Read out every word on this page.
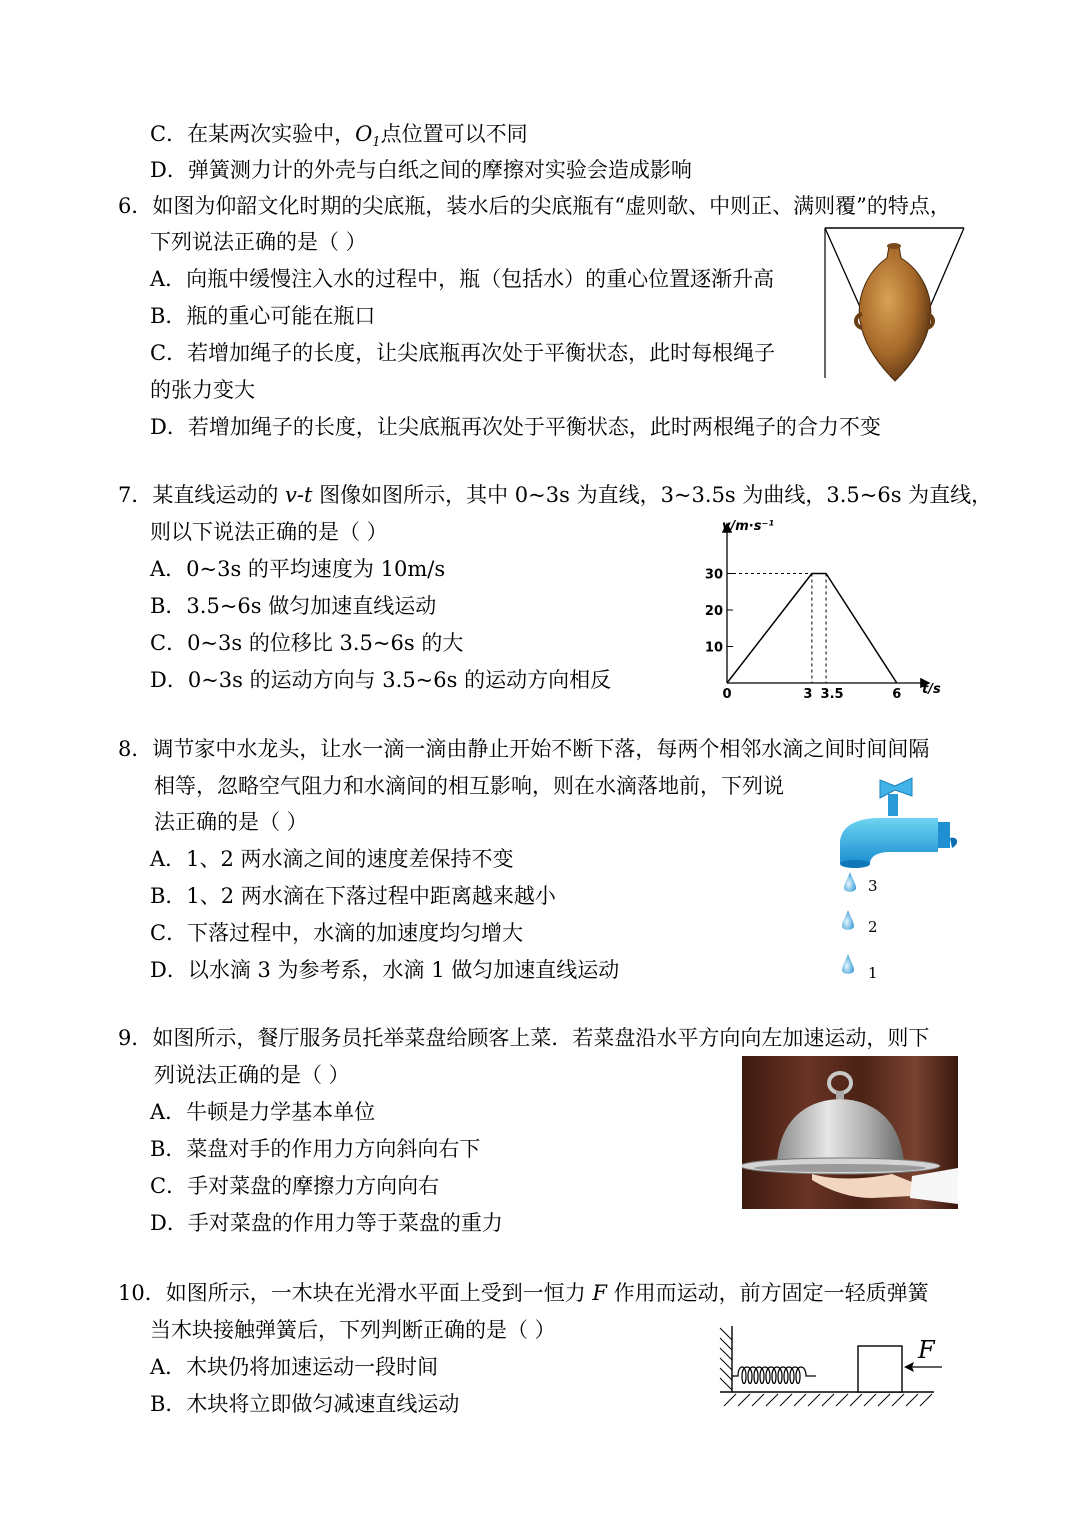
C．在某两次实验中，$O_1$点位置可以不同
D．弹簧测力计的外壳与白纸之间的摩擦对实验会造成影响
6．如图为仰韶文化时期的尖底瓶，装水后的尖底瓶有“虚则欹、中则正、满则覆”的特点，
下列说法正确的是（ ）
A．向瓶中缓慢注入水的过程中，瓶（包括水）的重心位置逐渐升高
B．瓶的重心可能在瓶口
C．若增加绳子的长度，让尖底瓶再次处于平衡状态，此时每根绳子
的张力变大
D．若增加绳子的长度，让尖底瓶再次处于平衡状态，此时两根绳子的合力不变
7．某直线运动的 v-t 图像如图所示，其中 0~3s 为直线，3~3.5s 为曲线，3.5~6s 为直线，
则以下说法正确的是（ ）
A．0~3s 的平均速度为 10m/s
B．3.5~6s 做匀加速直线运动
C．0~3s 的位移比 3.5~6s 的大
D．0~3s 的运动方向与 3.5~6s 的运动方向相反
v/m·s⁻¹
t/s
10
20
30
0	3 3.5	6
8．调节家中水龙头，让水一滴一滴由静止开始不断下落，每两个相邻水滴之间时间间隔
相等，忽略空气阻力和水滴间的相互影响，则在水滴落地前，下列说
法正确的是（ ）
A．1、2 两水滴之间的速度差保持不变
B．1、2 两水滴在下落过程中距离越来越小
C．下落过程中，水滴的加速度均匀增大
D．以水滴 3 为参考系，水滴 1 做匀加速直线运动
3
2
1
9．如图所示，餐厅服务员托举菜盘给顾客上菜．若菜盘沿水平方向向左加速运动，则下
列说法正确的是（ ）
A．牛顿是力学基本单位
B．菜盘对手的作用力方向斜向右下
C．手对菜盘的摩擦力方向向右
D．手对菜盘的作用力等于菜盘的重力
10．如图所示，一木块在光滑水平面上受到一恒力 F 作用而运动，前方固定一轻质弹簧
当木块接触弹簧后，下列判断正确的是（ ）
A．木块仍将加速运动一段时间
B．木块将立即做匀减速直线运动
F
